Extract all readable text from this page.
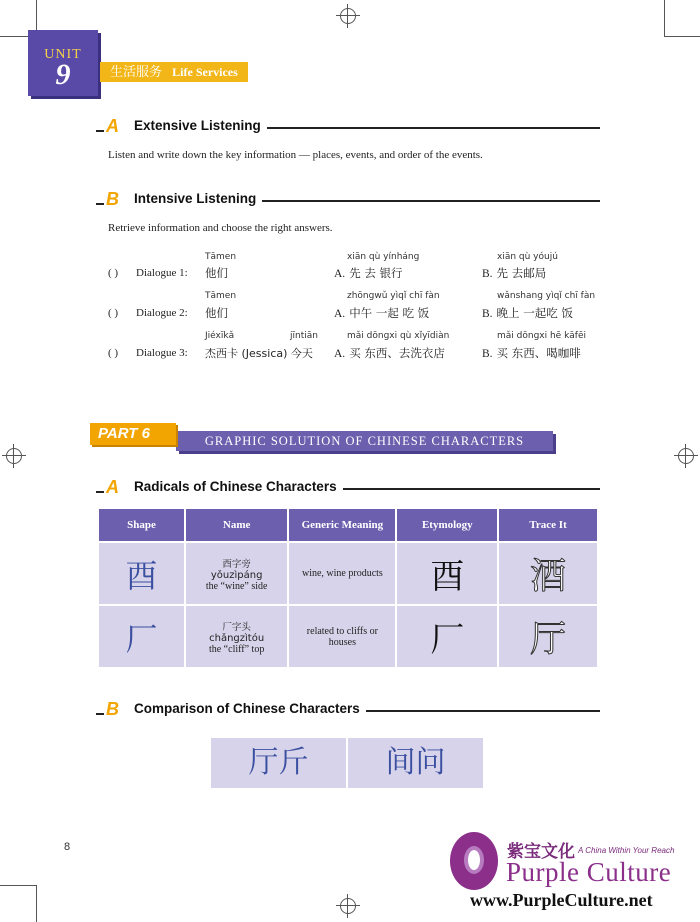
UNIT
9	生活服务 Life Services
A Extensive Listening
Listen and write down the key information — places, events, and order of the events.
B Intensive Listening
Retrieve information and choose the right answers.
Tāmen	xiān qù yínháng	xiān qù yóujú
( ) Dialogue 1: 他们	A. 先 去 银行	B. 先 去邮局
Tāmen	zhōngwǔ yìqǐ chī fàn	wǎnshang yìqǐ chī fàn
( ) Dialogue 2: 他们	A. 中午 一起 吃 饭	B. 晚上 一起吃 饭
Jiéxīkǎ	jīntiān	mǎi dōngxi qù xǐyīdiàn	mǎi dōngxi hē kāfēi
( ) Dialogue 3: 杰西卡 (Jessica) 今天 A. 买 东西、去洗衣店	B. 买 东西、喝咖啡
GRAPHIC SOLUTION OF CHINESE CHARACTERS
PART 6
A Radicals of Chinese Characters
Shape	Name	Generic Meaning	Etymology	Trace It
酉	酉字旁
yǒuzìpáng
the “wine” side	wine, wine products	酉	酒
厂	厂字头
chǎngzìtóu
the “cliff” top	related to cliffs or houses	厂	厅
B Comparison of Chinese Characters
厅斤	间问
8	紫宝文化 A China Within Your Reach
Purple Culture
www.PurpleCulture.net
